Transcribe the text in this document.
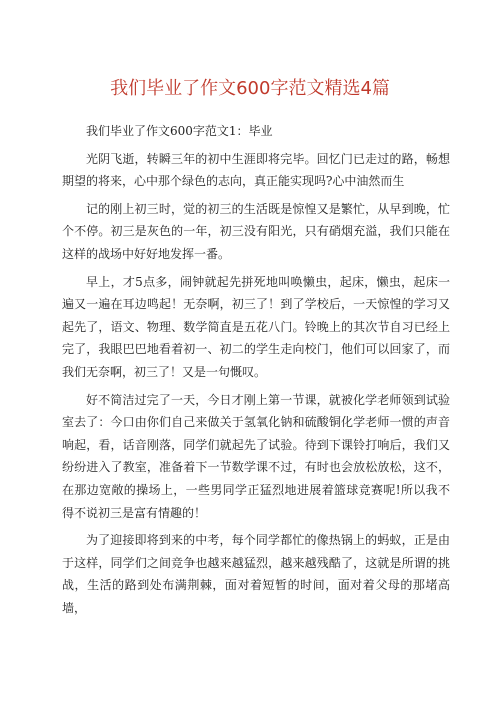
我们毕业了作文600字范文精选4篇

我们毕业了作文600字范文1：毕业

光阴飞逝，转瞬三年的初中生涯即将完毕。回忆门已走过的路，畅想期望的将来，心中那个绿色的志向，真正能实现吗?心中油然而生

记的刚上初三时，觉的初三的生活既是惊惶又是繁忙，从早到晚，忙个不停。初三是灰色的一年，初三没有阳光，只有硝烟充溢，我们只能在这样的战场中好好地发挥一番。

早上，才5点多，闹钟就起先拼死地叫唤懒虫，起床，懒虫，起床一遍又一遍在耳边鸣起！无奈啊，初三了！到了学校后，一天惊惶的学习又起先了，语文、物理、数学简直是五花八门。铃晚上的其次节自习已经上完了，我眼巴巴地看着初一、初二的学生走向校门，他们可以回家了，而我们无奈啊，初三了！又是一句慨叹。

好不简洁过完了一天，今日才刚上第一节课，就被化学老师领到试验室去了：今口由你们自己来做关于氢氧化钠和硫酸铜化学老师一惯的声音响起，看，话音刚落，同学们就起先了试验。待到下课铃打响后，我们又纷纷进入了教室，准备着下一节数学课不过，有时也会放松放松，这不，在那边宽敞的操场上，一些男同学正猛烈地进展着篮球竞赛呢!所以我不得不说初三是富有情趣的！

为了迎接即将到来的中考，每个同学都忙的像热锅上的蚂蚁，正是由于这样，同学们之间竞争也越来越猛烈，越来越残酷了，这就是所谓的挑战，生活的路到处布满荆棘，面对着短暂的时间，面对着父母的那堵高墙，
